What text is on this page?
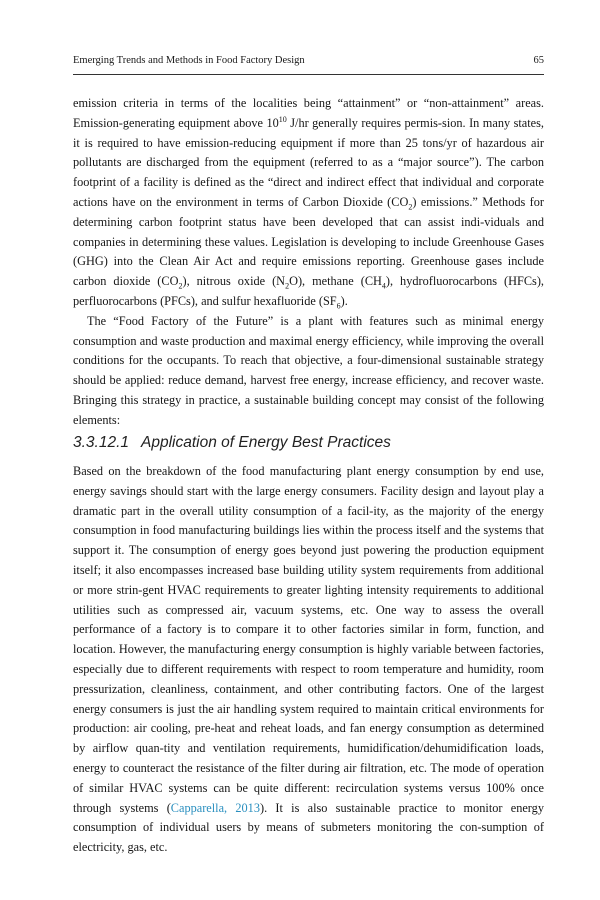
Emerging Trends and Methods in Food Factory Design	65

emission criteria in terms of the localities being “attainment” or “non-attainment” areas. Emission-generating equipment above $10^{10}$ J/hr generally requires permis-sion. In many states, it is required to have emission-reducing equipment if more than 25 tons/yr of hazardous air pollutants are discharged from the equipment (referred to as a “major source”). The carbon footprint of a facility is defined as the “direct and indirect effect that individual and corporate actions have on the environment in terms of Carbon Dioxide $(CO_2)$ emissions.” Methods for determining carbon footprint status have been developed that can assist indi-viduals and companies in determining these values. Legislation is developing to include Greenhouse Gases (GHG) into the Clean Air Act and require emissions reporting. Greenhouse gases include carbon dioxide $(CO_2)$, nitrous oxide $(N_2O)$, methane $(CH_4)$, hydrofluorocarbons (HFCs), perfluorocarbons (PFCs), and sulfur hexafluoride $(SF_6)$.

The “Food Factory of the Future” is a plant with features such as minimal energy consumption and waste production and maximal energy efficiency, while improving the overall conditions for the occupants. To reach that objective, a four-dimensional sustainable strategy should be applied: reduce demand, harvest free energy, increase efficiency, and recover waste. Bringing this strategy in practice, a sustainable building concept may consist of the following elements:

3.3.12.1 Application of Energy Best Practices

Based on the breakdown of the food manufacturing plant energy consumption by end use, energy savings should start with the large energy consumers. Facility design and layout play a dramatic part in the overall utility consumption of a facil-ity, as the majority of the energy consumption in food manufacturing buildings lies within the process itself and the systems that support it. The consumption of energy goes beyond just powering the production equipment itself; it also encompasses increased base building utility system requirements from additional or more strin-gent HVAC requirements to greater lighting intensity requirements to additional utilities such as compressed air, vacuum systems, etc. One way to assess the overall performance of a factory is to compare it to other factories similar in form, function, and location. However, the manufacturing energy consumption is highly variable between factories, especially due to different requirements with respect to room temperature and humidity, room pressurization, cleanliness, containment, and other contributing factors. One of the largest energy consumers is just the air handling system required to maintain critical environments for production: air cooling, pre-heat and reheat loads, and fan energy consumption as determined by airflow quan-tity and ventilation requirements, humidification/dehumidification loads, energy to counteract the resistance of the filter during air filtration, etc. The mode of operation of similar HVAC systems can be quite different: recirculation systems versus 100% once through systems (Capparella, 2013). It is also sustainable practice to monitor energy consumption of individual users by means of submeters monitoring the con-sumption of electricity, gas, etc.
